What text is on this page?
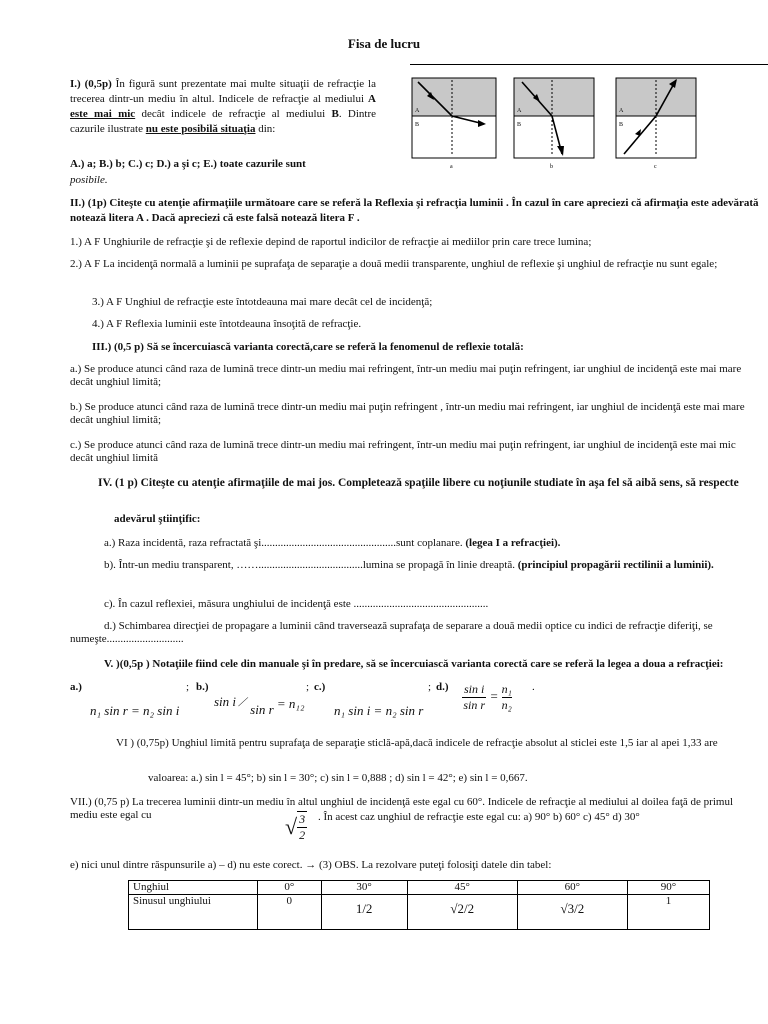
Fisa de lucru
I.) (0,5p) În figură sunt prezentate mai multe situaţii de refracţie la trecerea dintr-un mediu în altul. Indicele de refracţie al mediului A este mai mic decât indicele de refracţie al mediului B. Dintre cazurile ilustrate nu este posibilă situaţia din:
A.) a; B.) b; C.) c; D.) a şi c; E.) toate cazurile sunt
posibile.
A
B
a
A
B
b
A
B
c
II.) (1p) Citeşte cu atenţie afirmaţiile următoare care se referă la Reflexia şi refracţia luminii . În cazul în care apreciezi că afirmaţia este adevărată notează litera A . Dacă apreciezi că este falsă notează litera F .
1.) A F Unghiurile de refracţie şi de reflexie depind de raportul indicilor de refracţie ai mediilor prin care trece lumina;
2.) A F La incidenţă normală a luminii pe suprafaţa de separaţie a două medii transparente, unghiul de reflexie şi unghiul de refracţie nu sunt egale;
3.) A F Unghiul de refracţie este întotdeauna mai mare decât cel de incidenţă;
4.) A F Reflexia luminii este întotdeauna însoţită de refracţie.
III.) (0,5 p) Să se încercuiască varianta corectă,care se referă la fenomenul de reflexie totală:
a.) Se produce atunci când raza de lumină trece dintr-un mediu mai refringent, într-un mediu mai puţin refringent, iar unghiul de incidenţă este mai mare decât unghiul limită;
b.) Se produce atunci când raza de lumină trece dintr-un mediu mai puţin refringent , într-un mediu mai refringent, iar unghiul de incidenţă este mai mare decât unghiul limită;
c.) Se produce atunci când raza de lumină trece dintr-un mediu mai refringent, într-un mediu mai puţin refringent, iar unghiul de incidenţă este mai mic decât unghiul limită
IV. (1 p) Citeşte cu atenţie afirmaţiile de mai jos. Completează spaţiile libere cu noţiunile studiate în aşa fel să aibă sens, să respecte
adevărul ştiinţific:
a.) Raza incidentă, raza refractată şi.................................................sunt coplanare. (legea I a refracţiei).
b). Într-un mediu transparent, ……......................................lumina se propagă în linie dreaptă. (principiul propagării rectilinii a luminii).
c). În cazul reflexiei, măsura unghiului de incidenţă este .................................................
d.) Schimbarea direcţiei de propagare a luminii când traversează suprafaţa de separare a două medii optice cu indici de refracţie diferiţi, se numeşte............................
V. )(0,5p ) Notaţiile fiind cele din manuale şi în predare, să se încercuiască varianta corectă care se referă la legea a doua a refracţiei:
a.)	; b.)	; c.)	; d.)	.
n₁ sin r = n₂ sin i
sin i / sin r = n₁₂ n₁ sin i = n₂ sin r	$\frac{\text{sin i}}{\text{sin r}} = \frac{\text{n₁}}{\text{n₂}}$
VI ) (0,75p) Unghiul limită pentru suprafaţa de separaţie sticlă-apă,dacă indicele de refracţie absolut al sticlei este 1,5 iar al apei 1,33 are
valoarea: a.) sin l = 45°; b) sin l = 30°; c) sin l = 0,888 ; d) sin l = 42°; e) sin l = 0,667.
VII.) (0,75 p) La trecerea luminii dintr-un mediu în altul unghiul de incidenţă este egal cu 60°. Indicele de refracţie al mediului al doilea faţă de primul mediu este egal cu	√ $\frac{3}{2}$ . În acest caz unghiul de refracţie este egal cu: a) 90° b) 60° c) 45° d) 30°
e) nici unul dintre răspunsurile a) – d) nu este corect. → (3) OBS. La rezolvare puteţi folosiţi datele din tabel:
Unghiul	0°	30°	45°	60°	90°
Sinusul unghiului	0	1/2	√2/2	√3/2	1
